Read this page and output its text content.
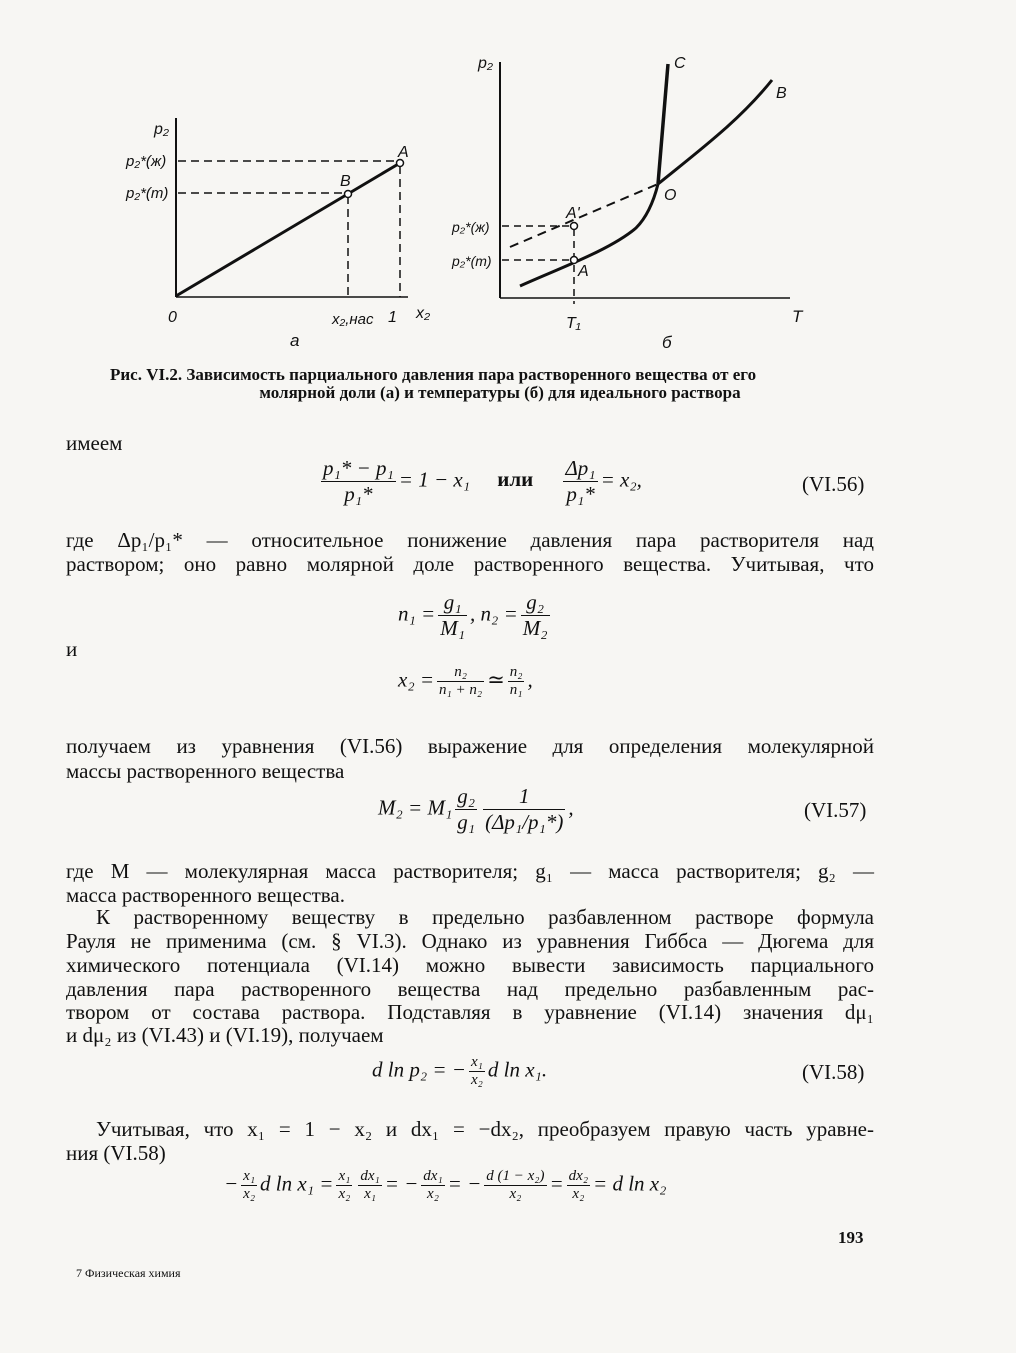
p₂
p₂*(ж)
p₂*(т)
A
B
0	x₂,нас 1 x₂
а
p₂
p₂*(ж)
p₂*(т)
C
B
O
A'
A
T₁	T
б
Рис. VI.2. Зависимость парциального давления пара растворенного вещества от его
молярной доли (а) и температуры (б) для идеального раствора
имеем
$\frac{\text{p₁* − p₁}}{\text{p₁*}} = 1 - x_1$ или $\frac{\text{Δp₁}}{\text{p₁*}} = x_2$,	(VI.56)
где Δp₁/p₁* — относительное понижение давления пара растворителя над
раствором; оно равно молярной доле растворенного вещества. Учитывая, что
$n_1 = \frac{\text{g₁}}{\text{M₁}}$ , $n_2 = \frac{\text{g₂}}{\text{M₂}}$
и
$x_2 = \frac{\text{n₂}}{\text{n₁ + n₂}}$ ≃ $\frac{\text{n₂}}{\text{n₁}}$ ,
получаем из уравнения (VI.56) выражение для определения молекулярной
массы растворенного вещества
$M_2 = M_1 \frac{\text{g₂}}{\text{g₁}} \frac{1}{\text{(Δp₁/p₁*)}}$ ,	(VI.57)
где M — молекулярная масса растворителя; g₁ — масса растворителя; g₂ —
масса растворенного вещества.
К растворенному веществу в предельно разбавленном растворе формула
Рауля не применима (см. § VI.3). Однако из уравнения Гиббса — Дюгема для
химического потенциала (VI.14) можно вывести зависимость парциального
давления пара растворенного вещества над предельно разбавленным рас-
твором от состава раствора. Подставляя в уравнение (VI.14) значения dμ₁
и dμ₂ из (VI.43) и (VI.19), получаем
d ln p₂ = − $\frac{\text{x₁}}{\text{x₂}}$ d ln x₁.	(VI.58)
Учитывая, что x₁ = 1 − x₂ и dx₁ = −dx₂, преобразуем правую часть уравне-
ния (VI.58)
− $\frac{\text{x₁}}{\text{x₂}}$ d $\ln x_1 = \frac{\text{x₁}}{\text{x₂}} \frac{\text{dx₁}}{\text{x₁}}$ = − $\frac{\text{dx₁}}{\text{x₂}}$ = − $\frac{\text{d (1 − x₂)}}{\text{x₂}} = \frac{\text{dx₂}}{\text{x₂}} = d$ ln x₂
193
7 Физическая химия
